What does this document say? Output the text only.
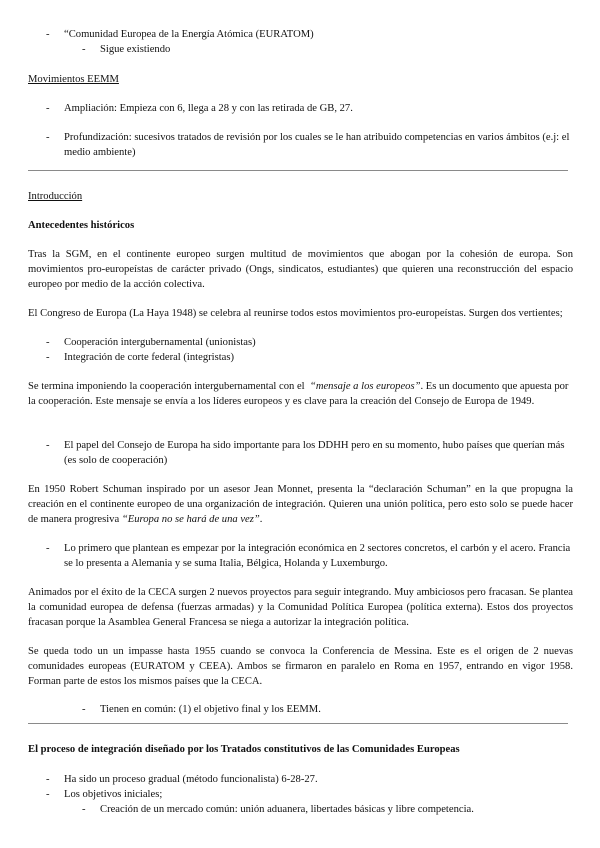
- “Comunidad Europea de la Energía Atómica (EURATOM)
- Sigue existiendo

Movimientos EEMM

- Ampliación: Empieza con 6, llega a 28 y con las retirada de GB, 27.
- Profundización: sucesivos tratados de revisión por los cuales se le han atribuido competencias en varios ámbitos (e.j: el medio ambiente)

Introducción

Antecedentes históricos

Tras la SGM, en el continente europeo surgen multitud de movimientos que abogan por la cohesión de europa. Son movimientos pro-europeístas de carácter privado (Ongs, sindicatos, estudiantes) que quieren una reconstrucción del espacio europeo por medio de la acción colectiva.

El Congreso de Europa (La Haya 1948) se celebra al reunirse todos estos movimientos pro-europeístas. Surgen dos vertientes;

- Cooperación intergubernamental (unionistas)
- Integración de corte federal (integristas)

Se termina imponiendo la cooperación intergubernamental con el “mensaje a los europeos”. Es un documento que apuesta por la cooperación. Este mensaje se envía a los líderes europeos y es clave para la creación del Consejo de Europa de 1949.

- El papel del Consejo de Europa ha sido importante para los DDHH pero en su momento, hubo países que querían más (es solo de cooperación)

En 1950 Robert Schuman inspirado por un asesor Jean Monnet, presenta la “declaración Schuman” en la que propugna la creación en el continente europeo de una organización de integración. Quieren una unión política, pero esto solo se puede hacer de manera progresiva “Europa no se hará de una vez”.

- Lo primero que plantean es empezar por la integración económica en 2 sectores concretos, el carbón y el acero. Francia se lo presenta a Alemania y se suma Italia, Bélgica, Holanda y Luxemburgo.

Animados por el éxito de la CECA surgen 2 nuevos proyectos para seguir integrando. Muy ambiciosos pero fracasan. Se plantea la comunidad europea de defensa (fuerzas armadas) y la Comunidad Política Europea (política externa). Estos dos proyectos fracasan porque la Asamblea General Francesa se niega a autorizar la integración política.

Se queda todo un un impasse hasta 1955 cuando se convoca la Conferencia de Messina. Este es el origen de 2 nuevas comunidades europeas (EURATOM y CEEA). Ambos se firmaron en paralelo en Roma en 1957, entrando en vigor 1958. Forman parte de estos los mismos países que la CECA.

- Tienen en común: (1) el objetivo final y los EEMM.

El proceso de integración diseñado por los Tratados constitutivos de las Comunidades Europeas

- Ha sido un proceso gradual (método funcionalista) 6-28-27.
- Los objetivos iniciales;
- Creación de un mercado común: unión aduanera, libertades básicas y libre competencia.
